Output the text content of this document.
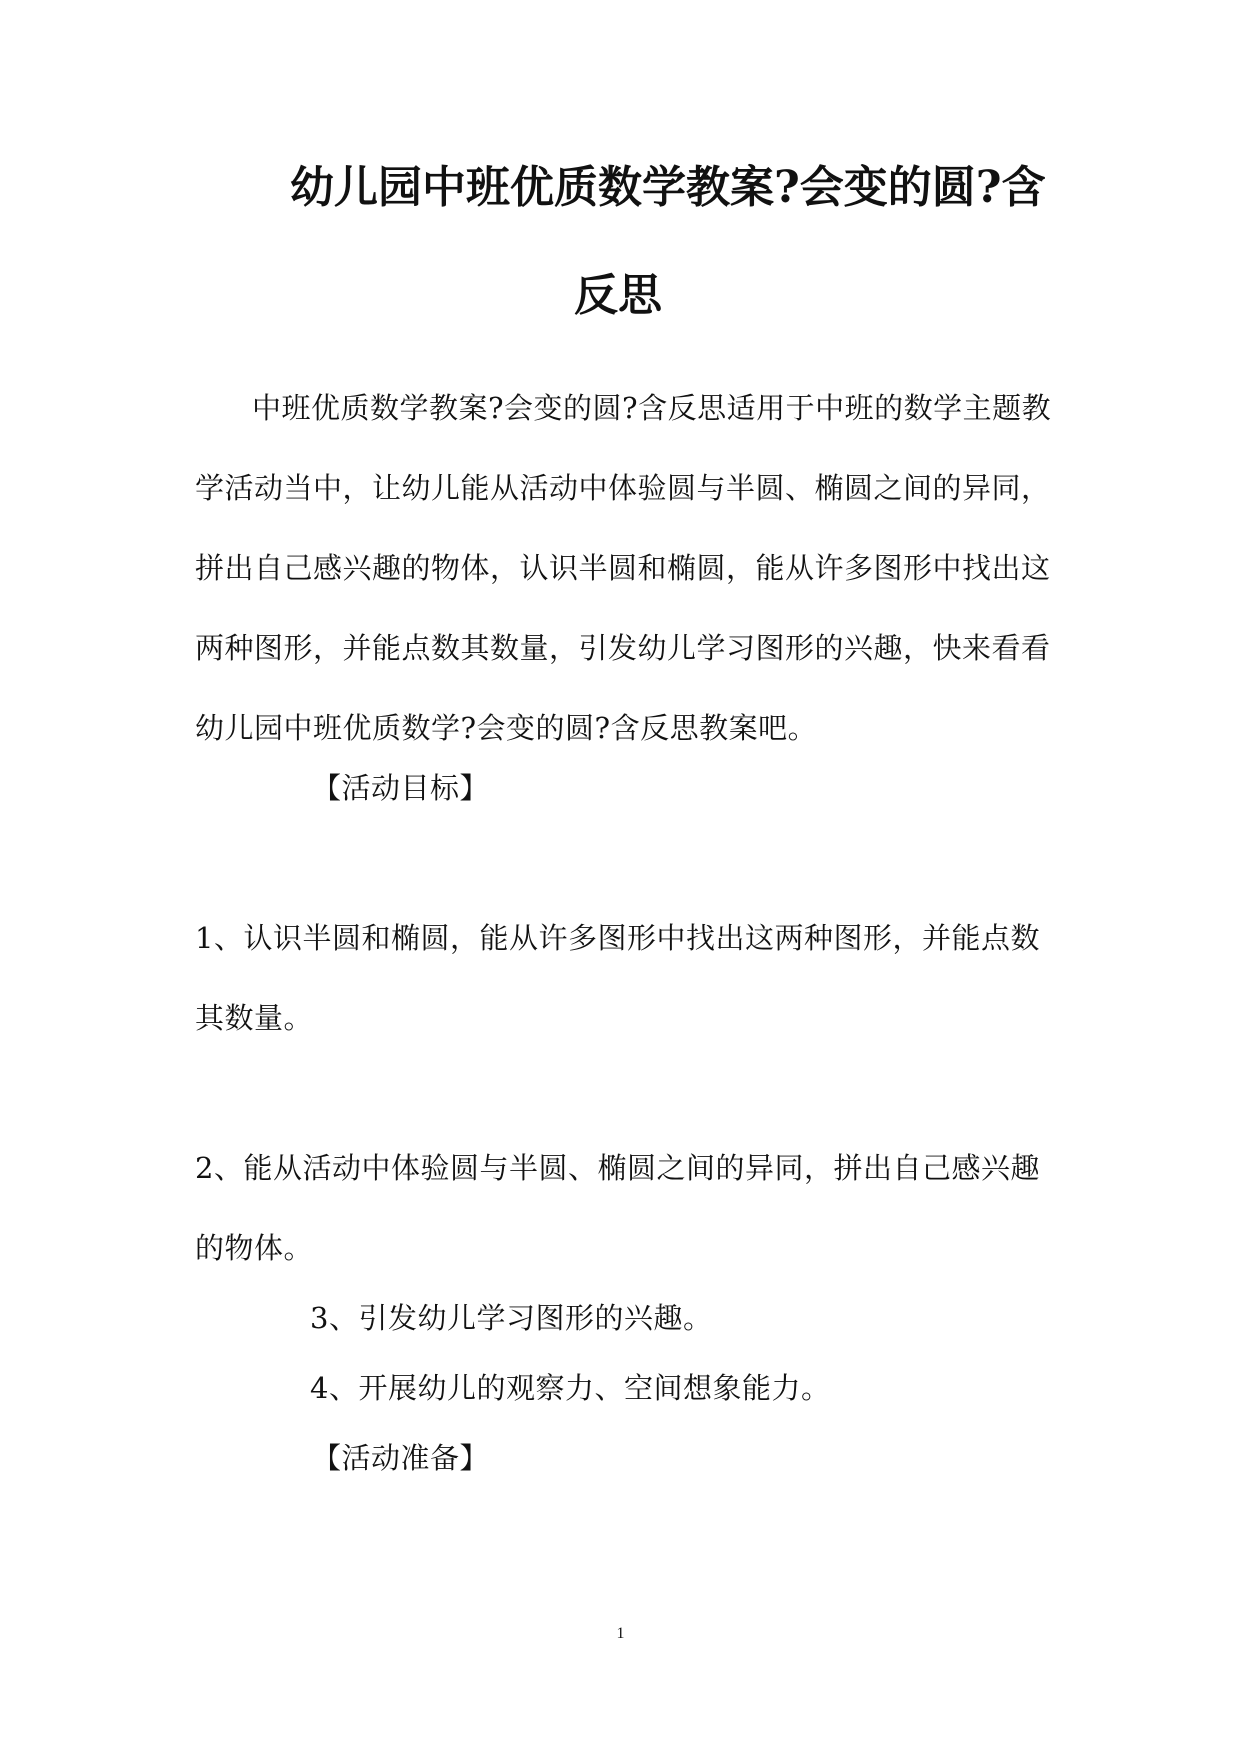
幼儿园中班优质数学教案?会变的圆?含
反思
中班优质数学教案?会变的圆?含反思适用于中班的数学主题教
学活动当中，让幼儿能从活动中体验圆与半圆、椭圆之间的异同，
拼出自己感兴趣的物体，认识半圆和椭圆，能从许多图形中找出这
两种图形，并能点数其数量，引发幼儿学习图形的兴趣，快来看看
幼儿园中班优质数学?会变的圆?含反思教案吧。
【活动目标】
1、认识半圆和椭圆，能从许多图形中找出这两种图形，并能点数
其数量。
2、能从活动中体验圆与半圆、椭圆之间的异同，拼出自己感兴趣
的物体。
3、引发幼儿学习图形的兴趣。
4、开展幼儿的观察力、空间想象能力。
【活动准备】
1
